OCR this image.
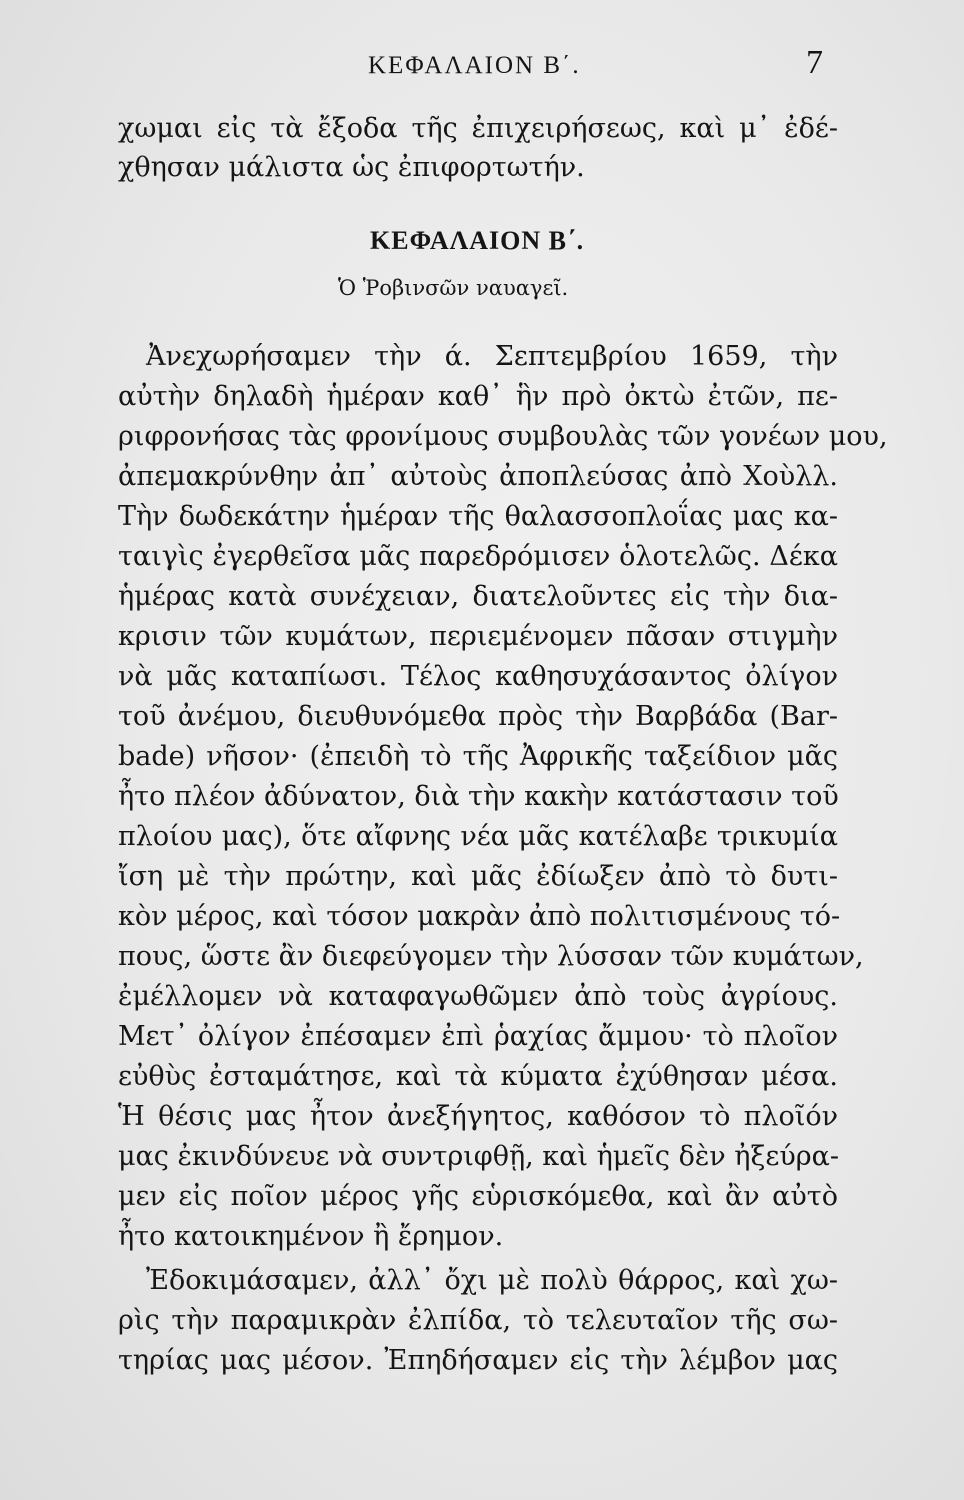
ΚΕΦΑΛΑΙΟΝ Β΄.	7
χωμαι εἰς τὰ ἔξοδα τῆς ἐπιχειρήσεως, καὶ μ᾽ ἐδέ-
χθησαν μάλιστα ὡς ἐπιφορτωτήν.
ΚΕΦΑΛΑΙΟΝ Β΄.
Ὁ Ῥοβινσῶν ναυαγεῖ.
Ἀνεχωρήσαμεν τὴν ά. Σεπτεμβρίου 1659, τὴν
αὐτὴν δηλαδὴ ἡμέραν καθ᾽ ἣν πρὸ ὀκτὼ ἐτῶν, πε-
ριφρονήσας τὰς φρονίμους συμβουλὰς τῶν γονέων μου,
ἀπεμακρύνθην ἀπ᾽ αὐτοὺς ἀποπλεύσας ἀπὸ Χοὺλλ.
Τὴν δωδεκάτην ἡμέραν τῆς θαλασσοπλοΐας μας κα-
ταιγὶς ἐγερθεῖσα μᾶς παρεδρόμισεν ὁλοτελῶς. Δέκα
ἡμέρας κατὰ συνέχειαν, διατελοῦντες εἰς τὴν δια-
κρισιν τῶν κυμάτων, περιεμένομεν πᾶσαν στιγμὴν
νὰ μᾶς καταπίωσι. Τέλος καθησυχάσαντος ὀλίγον
τοῦ ἀνέμου, διευθυνόμεθα πρὸς τὴν Βαρβάδα (Bar-
bade) νῆσον· (ἐπειδὴ τὸ τῆς Ἀφρικῆς ταξείδιον μᾶς
ἦτο πλέον ἀδύνατον, διὰ τὴν κακὴν κατάστασιν τοῦ
πλοίου μας), ὅτε αἴφνης νέα μᾶς κατέλαβε τρικυμία
ἴση μὲ τὴν πρώτην, καὶ μᾶς ἐδίωξεν ἀπὸ τὸ δυτι-
κὸν μέρος, καὶ τόσον μακρὰν ἀπὸ πολιτισμένους τό-
πους, ὥστε ἂν διεφεύγομεν τὴν λύσσαν τῶν κυμάτων,
ἐμέλλομεν νὰ καταφαγωθῶμεν ἀπὸ τοὺς ἀγρίους.
Μετ᾽ ὀλίγον ἐπέσαμεν ἐπὶ ῥαχίας ἄμμου· τὸ πλοῖον
εὐθὺς ἐσταμάτησε, καὶ τὰ κύματα ἐχύθησαν μέσα.
Ἡ θέσις μας ἦτον ἀνεξήγητος, καθόσον τὸ πλοῖόν
μας ἐκινδύνευε νὰ συντριφθῇ, καὶ ἡμεῖς δὲν ἠξεύρα-
μεν εἰς ποῖον μέρος γῆς εὑρισκόμεθα, καὶ ἂν αὐτὸ
ἦτο κατοικημένον ἢ ἔρημον.
Ἐδοκιμάσαμεν, ἀλλ᾽ ὄχι μὲ πολὺ θάρρος, καὶ χω-
ρὶς τὴν παραμικρὰν ἐλπίδα, τὸ τελευταῖον τῆς σω-
τηρίας μας μέσον. Ἐπηδήσαμεν εἰς τὴν λέμβον μας
